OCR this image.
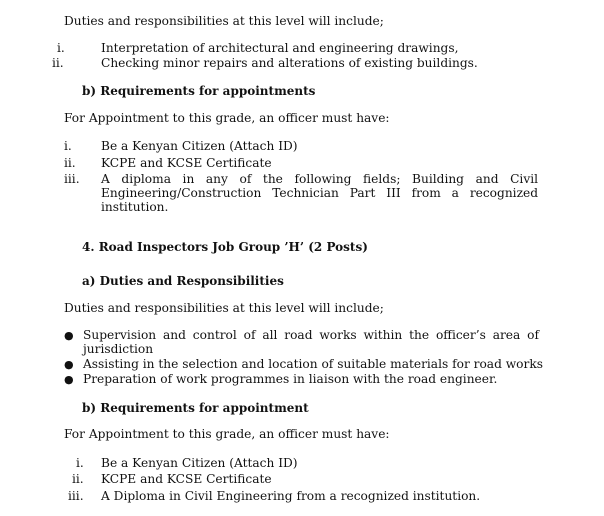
Duties and responsibilities at this level will include;
i.	Interpretation of architectural and engineering drawings,
ii.	Checking minor repairs and alterations of existing buildings.
b) Requirements for appointments
For Appointment to this grade, an officer must have:
i. Be a Kenyan Citizen (Attach ID)
ii. KCPE and KCSE Certificate
iii. A diploma in any of the following fields; Building and Civil
Engineering/Construction Technician Part III from a recognized
institution.
4. Road Inspectors Job Group ’H’ (2 Posts)
a) Duties and Responsibilities
Duties and responsibilities at this level will include;
● Supervision and control of all road works within the officer’s area of
jurisdiction
● Assisting in the selection and location of suitable materials for road works
● Preparation of work programmes in liaison with the road engineer.
b) Requirements for appointment
For Appointment to this grade, an officer must have:
i. Be a Kenyan Citizen (Attach ID)
ii. KCPE and KCSE Certificate
iii. A Diploma in Civil Engineering from a recognized institution.
